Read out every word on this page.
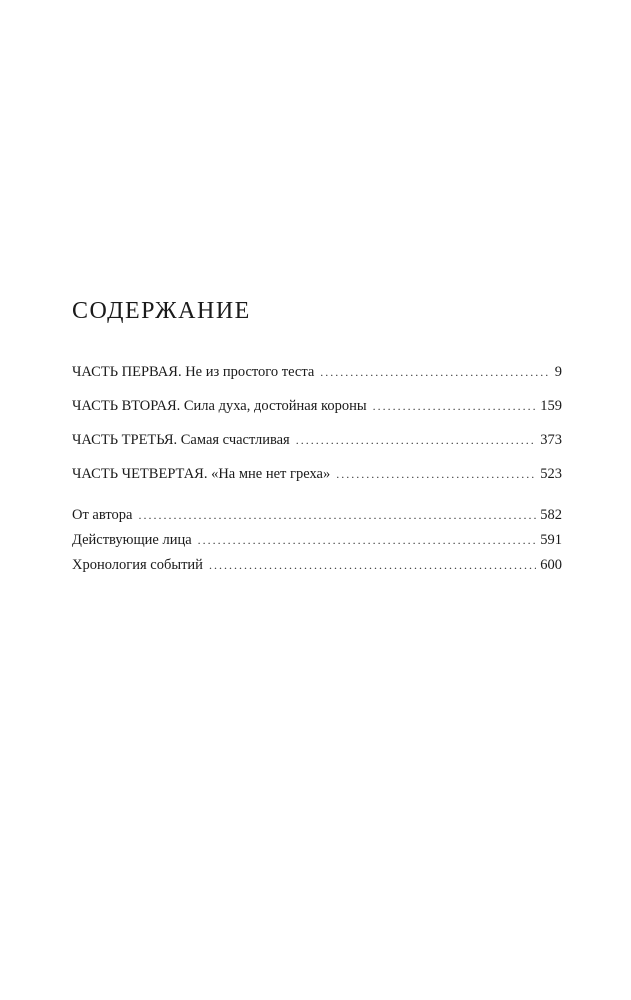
СОДЕРЖАНИЕ
ЧАСТЬ ПЕРВАЯ. Не из простого теста . . .	9
ЧАСТЬ ВТОРАЯ. Сила духа, достойная короны . . .	159
ЧАСТЬ ТРЕТЬЯ. Самая счастливая . . .	373
ЧАСТЬ ЧЕТВЕРТАЯ. «На мне нет греха» . . .	523
От автора . . .	582
Действующие лица . . .	591
Хронология событий . . .	600
